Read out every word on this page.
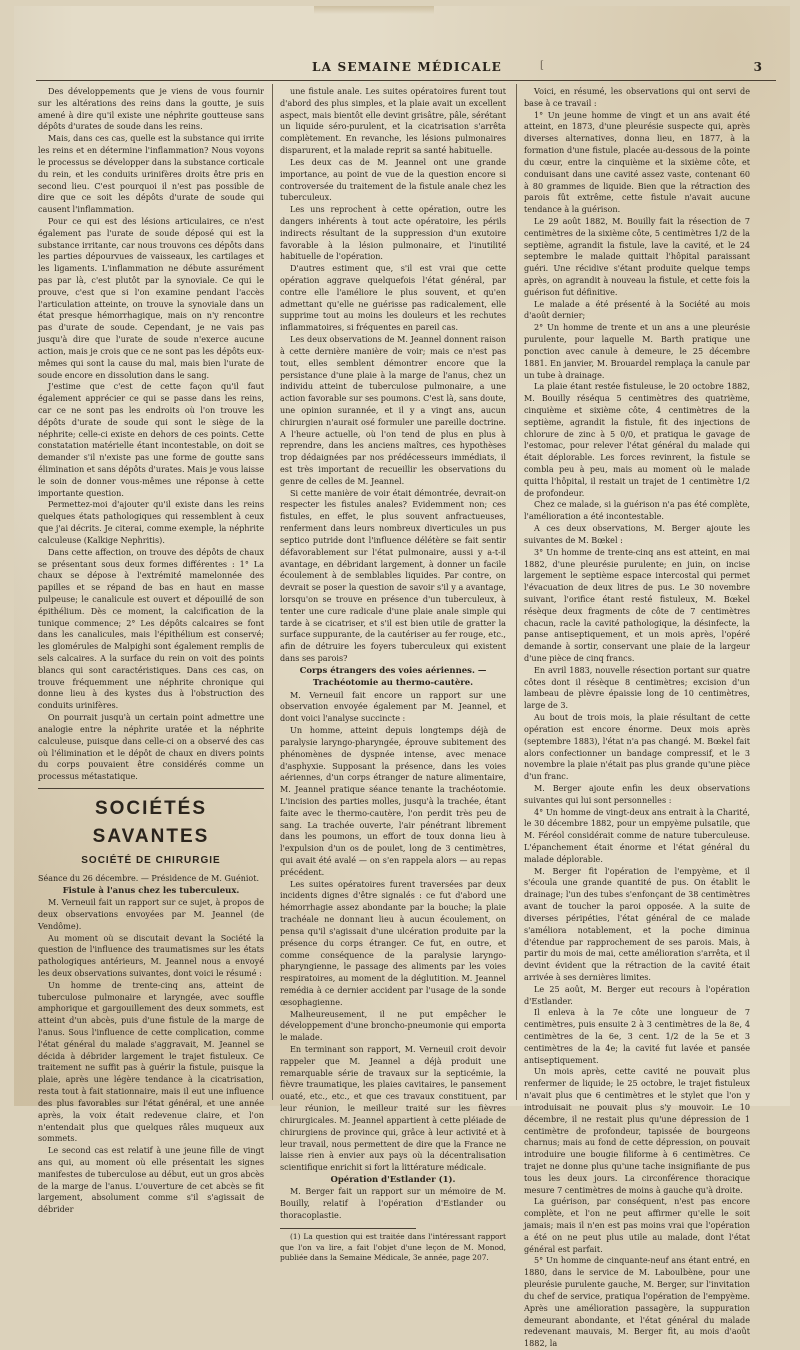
[
LA SEMAINE MÉDICALE	3

Des développements que je viens de vous fournir sur les altérations des reins dans la goutte, je suis amené à dire qu'il existe une néphrite goutteuse sans dépôts d'urates de soude dans les reins.

Mais, dans ces cas, quelle est la substance qui irrite les reins et en détermine l'inflammation? Nous voyons le processus se développer dans la substance corticale du rein, et les conduits urinifères droits être pris en second lieu. C'est pourquoi il n'est pas possible de dire que ce soit les dépôts d'urate de soude qui causent l'inflammation.

Pour ce qui est des lésions articulaires, ce n'est également pas l'urate de soude déposé qui est la substance irritante, car nous trouvons ces dépôts dans les parties dépourvues de vaisseaux, les cartilages et les ligaments. L'inflammation ne débute assurément pas par là, c'est plutôt par la synoviale. Ce qui le prouve, c'est que si l'on examine pendant l'accès l'articulation atteinte, on trouve la synoviale dans un état presque hémorrhagique, mais on n'y rencontre pas d'urate de soude. Cependant, je ne vais pas jusqu'à dire que l'urate de soude n'exerce aucune action, mais je crois que ce ne sont pas les dépôts eux-mêmes qui sont la cause du mal, mais bien l'urate de soude encore en dissolution dans le sang.

J'estime que c'est de cette façon qu'il faut également apprécier ce qui se passe dans les reins, car ce ne sont pas les endroits où l'on trouve les dépôts d'urate de soude qui sont le siège de la néphrite; celle-ci existe en dehors de ces points. Cette constatation matérielle étant incontestable, on doit se demander s'il n'existe pas une forme de goutte sans élimination et sans dépôts d'urates. Mais je vous laisse le soin de donner vous-mêmes une réponse à cette importante question.

Permettez-moi d'ajouter qu'il existe dans les reins quelques états pathologiques qui ressemblent à ceux que j'ai décrits. Je citerai, comme exemple, la néphrite calculeuse (Kalkige Nephritis).

Dans cette affection, on trouve des dépôts de chaux se présentant sous deux formes différentes : 1° La chaux se dépose à l'extrémité mamelonnée des papilles et se répand de bas en haut en masse pulpeuse; le canalicule est ouvert et dépouillé de son épithélium. Dès ce moment, la calcification de la tunique commence; 2° Les dépôts calcaires se font dans les canalicules, mais l'épithélium est conservé; les glomérules de Malpighi sont également remplis de sels calcaires. A la surface du rein on voit des points blancs qui sont caractéristiques. Dans ces cas, on trouve fréquemment une néphrite chronique qui donne lieu à des kystes dus à l'obstruction des conduits urinifères.

On pourrait jusqu'à un certain point admettre une analogie entre la néphrite uratée et la néphrite calculeuse, puisque dans celle-ci on a observé des cas où l'élimination et le dépôt de chaux en divers points du corps pouvaient être considérés comme un processus métastatique.

SOCIÉTÉS SAVANTES
SOCIÉTÉ DE CHIRURGIE

Séance du 26 décembre. — Présidence de M. Guéniot.

Fistule à l'anus chez les tuberculeux.

M. Verneuil fait un rapport sur ce sujet, à propos de deux observations envoyées par M. Jeannel (de Vendôme).

Au moment où se discutait devant la Société la question de l'influence des traumatismes sur les états pathologiques antérieurs, M. Jeannel nous a envoyé les deux observations suivantes, dont voici le résumé :

Un homme de trente-cinq ans, atteint de tuberculose pulmonaire et laryngée, avec souffle amphorique et gargouillement des deux sommets, est atteint d'un abcès, puis d'une fistule de la marge de l'anus. Sous l'influence de cette complication, comme l'état général du malade s'aggravait, M. Jeannel se décida à débrider largement le trajet fistuleux. Ce traitement ne suffit pas à guérir la fistule, puisque la plaie, après une légère tendance à la cicatrisation, resta tout à fait stationnaire, mais il eut une influence des plus favorables sur l'état général, et une année après, la voix était redevenue claire, et l'on n'entendait plus que quelques râles muqueux aux sommets.

Le second cas est relatif à une jeune fille de vingt ans qui, au moment où elle présentait les signes manifestes de tuberculose au début, eut un gros abcès de la marge de l'anus. L'ouverture de cet abcès se fit largement, absolument comme s'il s'agissait de débrider

une fistule anale. Les suites opératoires furent tout d'abord des plus simples, et la plaie avait un excellent aspect, mais bientôt elle devint grisâtre, pâle, sérétant un liquide séro-purulent, et la cicatrisation s'arrêta complètement. En revanche, les lésions pulmonaires disparurent, et la malade reprit sa santé habituelle.

Les deux cas de M. Jeannel ont une grande importance, au point de vue de la question encore si controversée du traitement de la fistule anale chez les tuberculeux.

Les uns reprochent à cette opération, outre les dangers inhérents à tout acte opératoire, les périls indirects résultant de la suppression d'un exutoire favorable à la lésion pulmonaire, et l'inutilité habituelle de l'opération.

D'autres estiment que, s'il est vrai que cette opération aggrave quelquefois l'état général, par contre elle l'améliore le plus souvent, et qu'en admettant qu'elle ne guérisse pas radicalement, elle supprime tout au moins les douleurs et les rechutes inflammatoires, si fréquentes en pareil cas.

Les deux observations de M. Jeannel donnent raison à cette dernière manière de voir; mais ce n'est pas tout, elles semblent démontrer encore que la persistance d'une plaie à la marge de l'anus, chez un individu atteint de tuberculose pulmonaire, a une action favorable sur ses poumons. C'est là, sans doute, une opinion surannée, et il y a vingt ans, aucun chirurgien n'aurait osé formuler une pareille doctrine. A l'heure actuelle, où l'on tend de plus en plus à reprendre, dans les anciens maîtres, ces hypothèses trop dédaignées par nos prédécesseurs immédiats, il est très important de recueillir les observations du genre de celles de M. Jeannel.

Si cette manière de voir était démontrée, devrait-on respecter les fistules anales? Evidemment non; ces fistules, en effet, le plus souvent anfractueuses, renferment dans leurs nombreux diverticules un pus septico putride dont l'influence délétère se fait sentir défavorablement sur l'état pulmonaire, aussi y a-t-il avantage, en débridant largement, à donner un facile écoulement à de semblables liquides. Par contre, on devrait se poser la question de savoir s'il y a avantage, lorsqu'on se trouve en présence d'un tuberculeux, à tenter une cure radicale d'une plaie anale simple qui tarde à se cicatriser, et s'il est bien utile de gratter la surface suppurante, de la cautériser au fer rouge, etc., afin de détruire les foyers tuberculeux qui existent dans ses parois?

Corps étrangers des voies aériennes. — Trachéotomie au thermo-cautère.

M. Verneuil fait encore un rapport sur une observation envoyée également par M. Jeannel, et dont voici l'analyse succincte :

Un homme, atteint depuis longtemps déjà de paralysie laryngo-pharyngée, éprouve subitement des phénomènes de dyspnée intense, avec menace d'asphyxie. Supposant la présence, dans les voies aériennes, d'un corps étranger de nature alimentaire, M. Jeannel pratique séance tenante la trachéotomie. L'incision des parties molles, jusqu'à la trachée, étant faite avec le thermo-cautère, l'on perdit très peu de sang. La trachée ouverte, l'air pénétrant librement dans les poumons, un effort de toux donna lieu à l'expulsion d'un os de poulet, long de 3 centimètres, qui avait été avalé — on s'en rappela alors — au repas précédent.

Les suites opératoires furent traversées par deux incidents dignes d'être signalés : ce fut d'abord une hémorrhagie assez abondante par la bouche; la plaie trachéale ne donnant lieu à aucun écoulement, on pensa qu'il s'agissait d'une ulcération produite par la présence du corps étranger. Ce fut, en outre, et comme conséquence de la paralysie laryngo-pharyngienne, le passage des aliments par les voies respiratoires, au moment de la déglutition. M. Jeannel remédia à ce dernier accident par l'usage de la sonde œsophagienne.

Malheureusement, il ne put empêcher le développement d'une broncho-pneumonie qui emporta le malade.

En terminant son rapport, M. Verneuil croit devoir rappeler que M. Jeannel a déjà produit une remarquable série de travaux sur la septicémie, la fièvre traumatique, les plaies cavitaires, le pansement ouaté, etc., etc., et que ces travaux constituent, par leur réunion, le meilleur traité sur les fièvres chirurgicales. M. Jeannel appartient à cette pléiade de chirurgiens de province qui, grâce à leur activité et à leur travail, nous permettent de dire que la France ne laisse rien à envier aux pays où la décentralisation scientifique enrichit si fort la littérature médicale.

Opération d'Estlander (1).

M. Berger fait un rapport sur un mémoire de M. Bouilly, relatif à l'opération d'Estlander ou thoracoplastie.

(1) La question qui est traitée dans l'intéressant rapport que l'on va lire, a fait l'objet d'une leçon de M. Monod, publiée dans la Semaine Médicale, 3e année, page 207.

Voici, en résumé, les observations qui ont servi de base à ce travail :

1° Un jeune homme de vingt et un ans avait été atteint, en 1873, d'une pleurésie suspecte qui, après diverses alternatives, donna lieu, en 1877, à la formation d'une fistule, placée au-dessous de la pointe du cœur, entre la cinquième et la sixième côte, et conduisant dans une cavité assez vaste, contenant 60 à 80 grammes de liquide. Bien que la rétraction des parois fût extrême, cette fistule n'avait aucune tendance à la guérison.

Le 29 août 1882, M. Bouilly fait la résection de 7 centimètres de la sixième côte, 5 centimètres 1/2 de la septième, agrandit la fistule, lave la cavité, et le 24 septembre le malade quittait l'hôpital paraissant guéri. Une récidive s'étant produite quelque temps après, on agrandit à nouveau la fistule, et cette fois la guérison fut définitive.

Le malade a été présenté à la Société au mois d'août dernier;

2° Un homme de trente et un ans a une pleurésie purulente, pour laquelle M. Barth pratique une ponction avec canule à demeure, le 25 décembre 1881. En janvier, M. Brouardel remplaça la canule par un tube à drainage.

La plaie étant restée fistuleuse, le 20 octobre 1882, M. Bouilly réséqua 5 centimètres des quatrième, cinquième et sixième côte, 4 centimètres de la septième, agrandit la fistule, fit des injections de chlorure de zinc à 5 0/0, et pratiqua le gavage de l'estomac, pour relever l'état général du malade qui était déplorable. Les forces revinrent, la fistule se combla peu à peu, mais au moment où le malade quitta l'hôpital, il restait un trajet de 1 centimètre 1/2 de profondeur.

Chez ce malade, si la guérison n'a pas été complète, l'amélioration a été incontestable.

A ces deux observations, M. Berger ajoute les suivantes de M. Bœkel :

3° Un homme de trente-cinq ans est atteint, en mai 1882, d'une pleurésie purulente; en juin, on incise largement le septième espace intercostal qui permet l'évacuation de deux litres de pus. Le 30 novembre suivant, l'orifice étant resté fistuleux, M. Bœkel résèque deux fragments de côte de 7 centimètres chacun, racle la cavité pathologique, la désinfecte, la panse antiseptiquement, et un mois après, l'opéré demande à sortir, conservant une plaie de la largeur d'une pièce de cinq francs.

En avril 1883, nouvelle résection portant sur quatre côtes dont il résèque 8 centimètres; excision d'un lambeau de plèvre épaissie long de 10 centimètres, large de 3.

Au bout de trois mois, la plaie résultant de cette opération est encore énorme. Deux mois après (septembre 1883), l'état n'a pas changé. M. Bœkel fait alors confectionner un bandage compressif, et le 3 novembre la plaie n'était pas plus grande qu'une pièce d'un franc.

M. Berger ajoute enfin les deux observations suivantes qui lui sont personnelles :

4° Un homme de vingt-deux ans entrait à la Charité, le 30 décembre 1882, pour un empyème pulsatile, que M. Féréol considérait comme de nature tuberculeuse. L'épanchement était énorme et l'état général du malade déplorable.

M. Berger fit l'opération de l'empyème, et il s'écoula une grande quantité de pus. On établit le drainage; l'un des tubes s'enfonçant de 38 centimètres avant de toucher la paroi opposée. A la suite de diverses péripéties, l'état général de ce malade s'améliora notablement, et la poche diminua d'étendue par rapprochement de ses parois. Mais, à partir du mois de mai, cette amélioration s'arrêta, et il devint évident que la rétraction de la cavité était arrivée à ses dernières limites.

Le 25 août, M. Berger eut recours à l'opération d'Estlander.

Il enleva à la 7e côte une longueur de 7 centimètres, puis ensuite 2 à 3 centimètres de la 8e, 4 centimètres de la 6e, 3 cent. 1/2 de la 5e et 3 centimètres de la 4e; la cavité fut lavée et pansée antiseptiquement.

Un mois après, cette cavité ne pouvait plus renfermer de liquide; le 25 octobre, le trajet fistuleux n'avait plus que 6 centimètres et le stylet que l'on y introduisait ne pouvait plus s'y mouvoir. Le 10 décembre, il ne restait plus qu'une dépression de 1 centimètre de profondeur, tapissée de bourgeons charnus; mais au fond de cette dépression, on pouvait introduire une bougie filiforme à 6 centimètres. Ce trajet ne donne plus qu'une tache insignifiante de pus tous les deux jours. La circonférence thoracique mesure 7 centimètres de moins à gauche qu'à droite.

La guérison, par conséquent, n'est pas encore complète, et l'on ne peut affirmer qu'elle le soit jamais; mais il n'en est pas moins vrai que l'opération a été on ne peut plus utile au malade, dont l'état général est parfait.

5° Un homme de cinquante-neuf ans étant entré, en 1880, dans le service de M. Laboulbène, pour une pleurésie purulente gauche, M. Berger, sur l'invitation du chef de service, pratiqua l'opération de l'empyème. Après une amélioration passagère, la suppuration demeurant abondante, et l'état général du malade redevenant mauvais, M. Berger fit, au mois d'août 1882, la
